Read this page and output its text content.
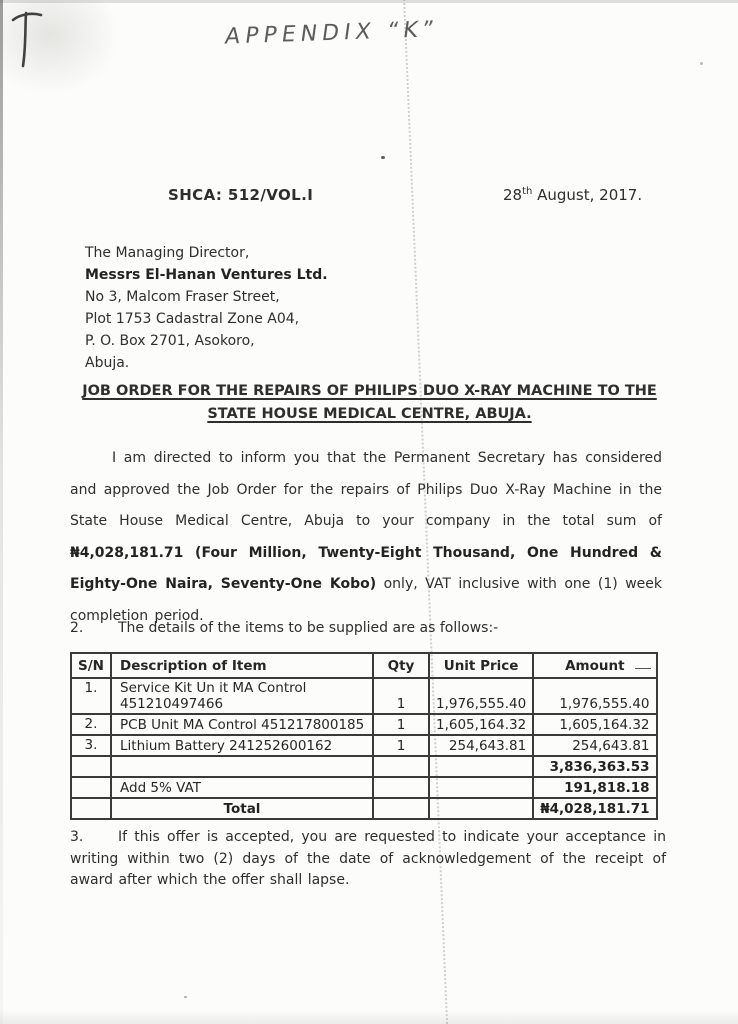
APPENDIX “K”
SHCA: 512/VOL.I	28th August, 2017.
The Managing Director,
Messrs El-Hanan Ventures Ltd.
No 3, Malcom Fraser Street,
Plot 1753 Cadastral Zone A04,
P. O. Box 2701, Asokoro,
Abuja.
JOB ORDER FOR THE REPAIRS OF PHILIPS DUO X-RAY MACHINE TO THE
STATE HOUSE MEDICAL CENTRE, ABUJA.

I am directed to inform you that the Permanent Secretary has considered and approved the Job Order for the repairs of Philips Duo X-Ray Machine in the State House Medical Centre, Abuja to your company in the total sum of ₦4,028,181.71 (Four Million, Twenty-Eight Thousand, One Hundred & Eighty-One Naira, Seventy-One Kobo) only, VAT inclusive with one (1) week completion period.

2. The details of the items to be supplied are as follows:-

S/N	Description of Item	Qty	Unit Price	Amount
1.	Service Kit Un it MA Control
451210497466	1	1,976,555.40	1,976,555.40
2.	PCB Unit MA Control 451217800185	1	1,605,164.32	1,605,164.32
3.	Lithium Battery 241252600162	1	254,643.81	254,643.81
				3,836,363.53
	Add 5% VAT			191,818.18
	Total			₦4,028,181.71

3. If this offer is accepted, you are requested to indicate your acceptance in writing within two (2) days of the date of acknowledgement of the receipt of award after which the offer shall lapse.
